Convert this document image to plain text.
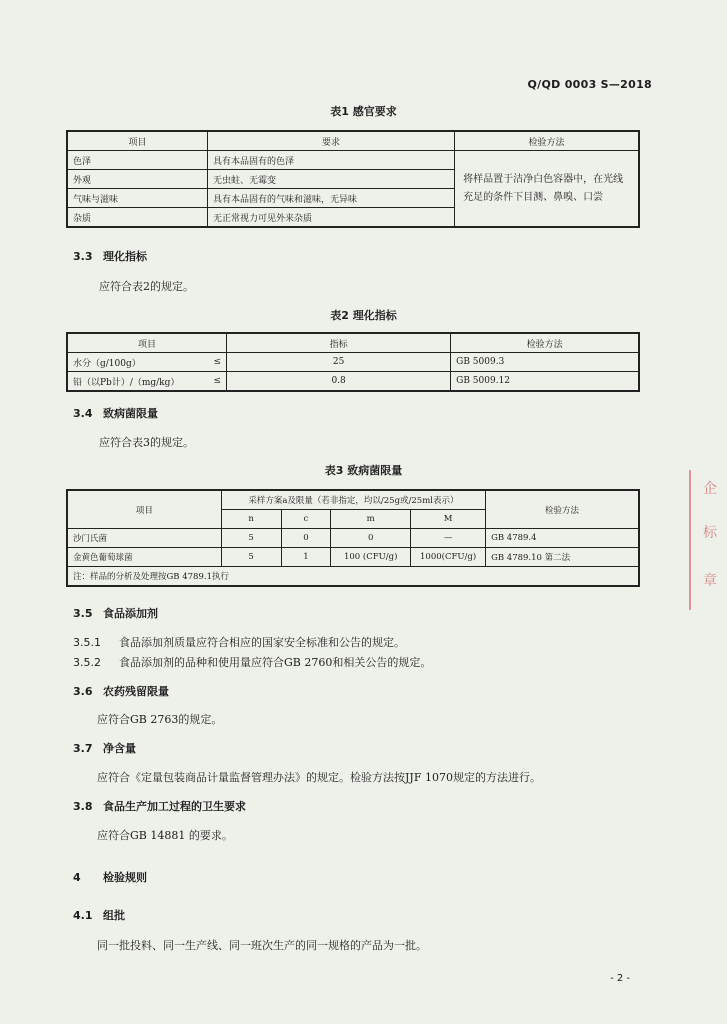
Q/QD 0003 S—2018
表1 感官要求
项目	要求	检验方法
色泽	具有本品固有的色泽	将样品置于洁净白色容器中，在光线充足的条件下目测、鼻嗅、口尝
外观	无虫蛀、无霉变	
气味与滋味	具有本品固有的气味和滋味，无异味	
杂质	无正常视力可见外来杂质	
3.3 理化指标
应符合表2的规定。
表2 理化指标
项目		指标	检验方法
水分（g/100g）	≤	25	GB 5009.3
铅（以Pb计）/（mg/kg）	≤	0.8	GB 5009.12
3.4 致病菌限量
应符合表3的规定。
表3 致病菌限量
项目	采样方案a及限量（若非指定，均以/25g或/25ml表示）				检验方法
	n	c	m	M	
沙门氏菌	5	0	0	—	GB 4789.4
金黄色葡萄球菌	5	1	100 (CFU/g)	1000(CFU/g)	GB 4789.10 第二法
注：样品的分析及处理按GB 4789.1执行					
3.5 食品添加剂
3.5.1 食品添加剂质量应符合相应的国家安全标准和公告的规定。
3.5.2 食品添加剂的品种和使用量应符合GB 2760和相关公告的规定。
3.6 农药残留限量
应符合GB 2763的规定。
3.7 净含量
应符合《定量包装商品计量监督管理办法》的规定。检验方法按JJF 1070规定的方法进行。
3.8 食品生产加工过程的卫生要求
应符合GB 14881 的要求。
4 检验规则
4.1 组批
同一批投料、同一生产线、同一班次生产的同一规格的产品为一批。
- 2 -
企
标
章
